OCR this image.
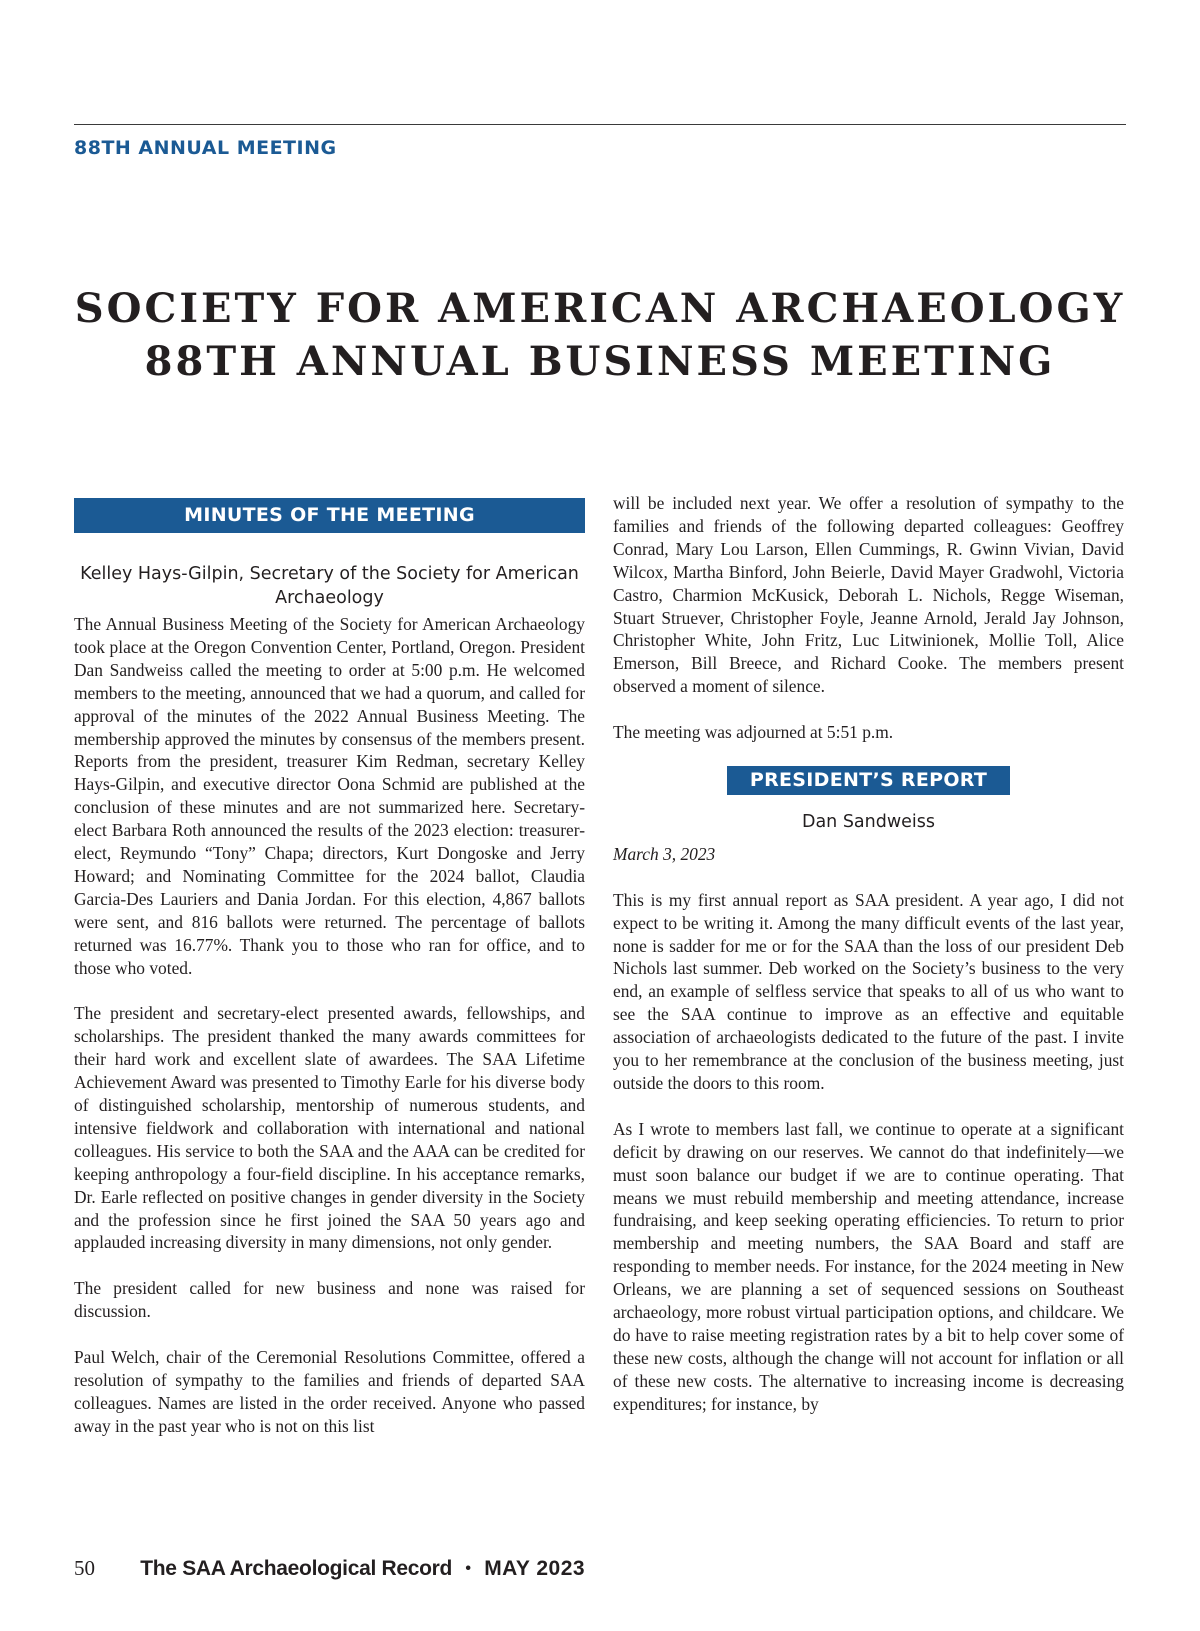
88TH ANNUAL MEETING
SOCIETY FOR AMERICAN ARCHAEOLOGY
88TH ANNUAL BUSINESS MEETING
MINUTES OF THE MEETING
Kelley Hays-Gilpin, Secretary of the Society for American Archaeology

The Annual Business Meeting of the Society for American Archaeology took place at the Oregon Convention Center, Portland, Oregon. President Dan Sandweiss called the meeting to order at 5:00 p.m. He welcomed members to the meeting, announced that we had a quorum, and called for approval of the minutes of the 2022 Annual Business Meeting. The membership approved the minutes by consensus of the members present. Reports from the president, treasurer Kim Redman, secretary Kelley Hays-Gilpin, and executive director Oona Schmid are published at the conclusion of these minutes and are not summarized here. Secretary-elect Barbara Roth announced the results of the 2023 election: treasurer-elect, Reymundo “Tony” Chapa; directors, Kurt Dongoske and Jerry Howard; and Nominating Committee for the 2024 ballot, Claudia Garcia-Des Lauriers and Dania Jordan. For this election, 4,867 ballots were sent, and 816 ballots were returned. The percentage of ballots returned was 16.77%. Thank you to those who ran for office, and to those who voted.

The president and secretary-elect presented awards, fellowships, and scholarships. The president thanked the many awards committees for their hard work and excellent slate of awardees. The SAA Lifetime Achievement Award was presented to Timothy Earle for his diverse body of distinguished scholarship, mentorship of numerous students, and intensive fieldwork and collaboration with international and national colleagues. His service to both the SAA and the AAA can be credited for keeping anthropology a four-field discipline. In his acceptance remarks, Dr. Earle reflected on positive changes in gender diversity in the Society and the profession since he first joined the SAA 50 years ago and applauded increasing diversity in many dimensions, not only gender.

The president called for new business and none was raised for discussion.

Paul Welch, chair of the Ceremonial Resolutions Committee, offered a resolution of sympathy to the families and friends of departed SAA colleagues. Names are listed in the order received. Anyone who passed away in the past year who is not on this list

will be included next year. We offer a resolution of sympathy to the families and friends of the following departed colleagues: Geoffrey Conrad, Mary Lou Larson, Ellen Cummings, R. Gwinn Vivian, David Wilcox, Martha Binford, John Beierle, David Mayer Gradwohl, Victoria Castro, Charmion McKusick, Deborah L. Nichols, Regge Wiseman, Stuart Struever, Christopher Foyle, Jeanne Arnold, Jerald Jay Johnson, Christopher White, John Fritz, Luc Litwinionek, Mollie Toll, Alice Emerson, Bill Breece, and Richard Cooke. The members present observed a moment of silence.

The meeting was adjourned at 5:51 p.m.

PRESIDENT’S REPORT
Dan Sandweiss

March 3, 2023

This is my first annual report as SAA president. A year ago, I did not expect to be writing it. Among the many difficult events of the last year, none is sadder for me or for the SAA than the loss of our president Deb Nichols last summer. Deb worked on the Society’s business to the very end, an example of selfless service that speaks to all of us who want to see the SAA continue to improve as an effective and equitable association of archaeologists dedicated to the future of the past. I invite you to her remembrance at the conclusion of the business meeting, just outside the doors to this room.

As I wrote to members last fall, we continue to operate at a significant deficit by drawing on our reserves. We cannot do that indefinitely—we must soon balance our budget if we are to continue operating. That means we must rebuild membership and meeting attendance, increase fundraising, and keep seeking operating efficiencies. To return to prior membership and meeting numbers, the SAA Board and staff are responding to member needs. For instance, for the 2024 meeting in New Orleans, we are planning a set of sequenced sessions on Southeast archaeology, more robust virtual participation options, and childcare. We do have to raise meeting registration rates by a bit to help cover some of these new costs, although the change will not account for inflation or all of these new costs. The alternative to increasing income is decreasing expenditures; for instance, by

50 The SAA Archaeological Record • MAY 2023
